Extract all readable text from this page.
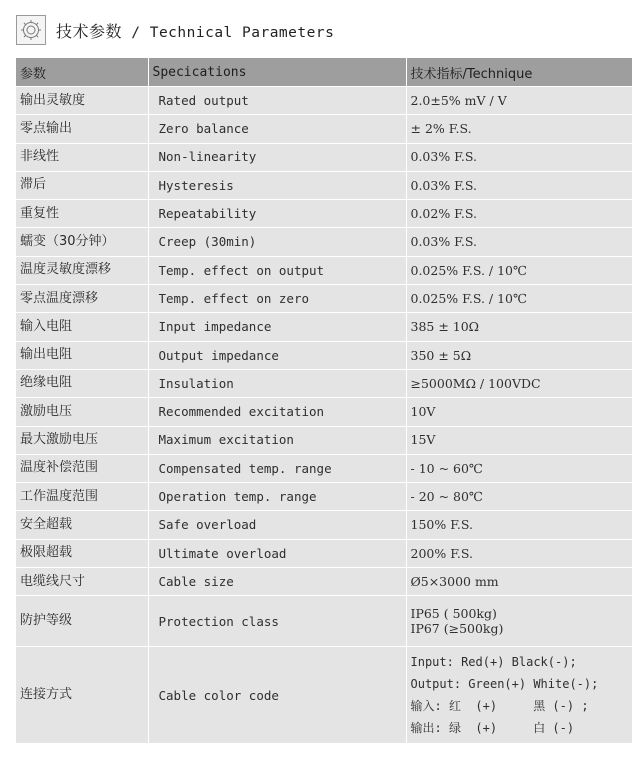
技术参数 / Technical Parameters
参数	Specications	技术指标/Technique
输出灵敏度	Rated output	2.0±5% mV / V
零点输出	Zero balance	± 2% F.S.
非线性	Non-linearity	0.03% F.S.
滞后	Hysteresis	0.03% F.S.
重复性	Repeatability	0.02% F.S.
蠕变（30分钟）	Creep (30min)	0.03% F.S.
温度灵敏度漂移	Temp. effect on output	0.025% F.S. / 10℃
零点温度漂移	Temp. effect on zero	0.025% F.S. / 10℃
输入电阻	Input impedance	385 ± 10Ω
输出电阻	Output impedance	350 ± 5Ω
绝缘电阻	Insulation	≥5000MΩ / 100VDC
激励电压	Recommended excitation	10V
最大激励电压	Maximum excitation	15V
温度补偿范围	Compensated temp. range	- 10 ~ 60℃
工作温度范围	Operation temp. range	- 20 ~ 80℃
安全超载	Safe overload	150% F.S.
极限超载	Ultimate overload	200% F.S.
电缆线尺寸	Cable size	Ø5×3000 mm
防护等级	Protection class	IP65 ( 500kg)
IP67 (≥500kg)

连接方式	Cable color code	Input: Red(+) Black(-);
Output: Green(+) White(-);
输入: 红  (+)     黑 (-) ;
输出: 绿  (+)     白 (-)
